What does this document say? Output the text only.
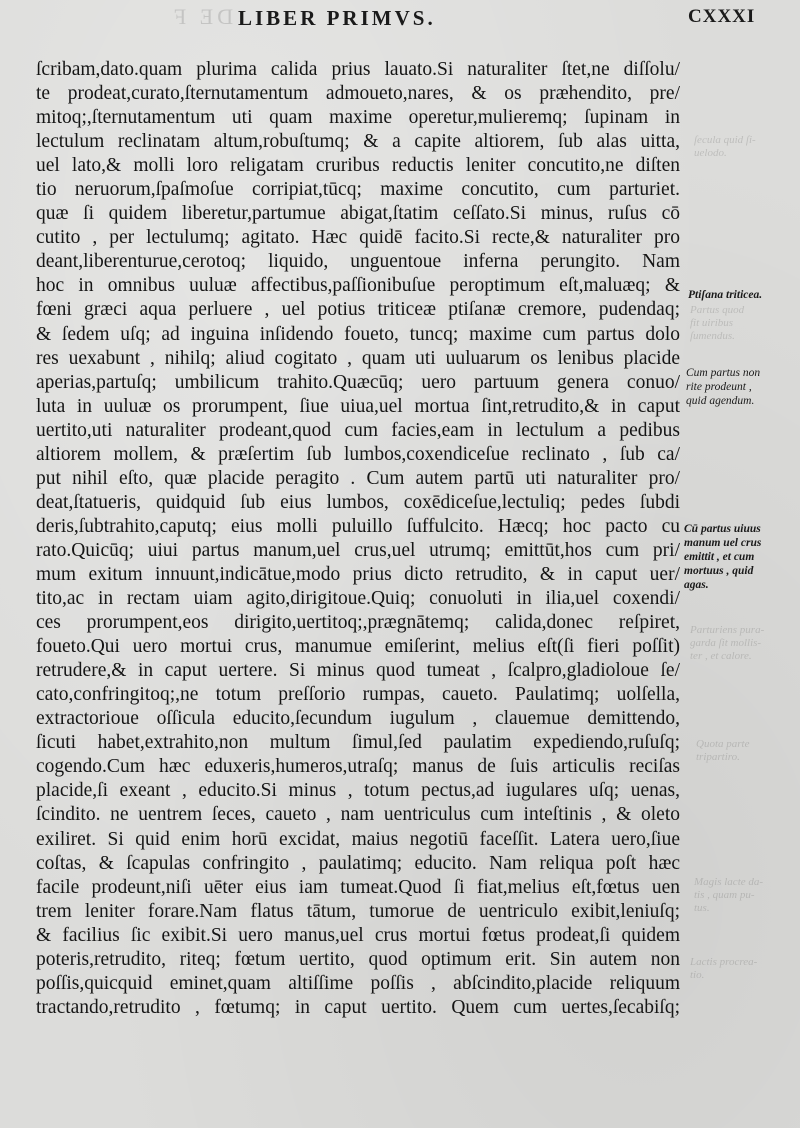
DE F LIBER PRIMVS.	CXXXI
ſcribam,dato.quam plurima calida prius lauato.Si naturaliter ſtet,ne diſſolu/
te prodeat,curato,ſternutamentum admoueto,nares, & os præhendito, pre/
mitoq;,ſternutamentum uti quam maxime operetur,mulieremq; ſupinam in
lectulum reclinatam altum,robuſtumq; & a capite altiorem, ſub alas uitta,
uel lato,& molli loro religatam cruribus reductis leniter concutito,ne diſten
tio neruorum,ſpaſmoſue corripiat,tūcq; maxime concutito, cum parturiet.
quæ ſi quidem liberetur,partumue abigat,ſtatim ceſſato.Si minus, ruſus cō
cutito , per lectulumq; agitato. Hæc quidē facito.Si recte,& naturaliter pro
deant,liberenturue,cerotoq; liquido, unguentoue inferna perungito. Nam
hoc in omnibus uuluæ affectibus,paſſionibuſue peroptimum eſt,maluæq; &
fœni græci aqua perluere , uel potius triticeæ ptiſanæ cremore, pudendaq;
& ſedem uſq; ad inguina inſidendo foueto, tuncq; maxime cum partus dolo
res uexabunt , nihilq; aliud cogitato , quam uti uuluarum os lenibus placide
aperias,partuſq; umbilicum trahito.Quæcūq; uero partuum genera conuo/
luta in uuluæ os prorumpent, ſiue uiua,uel mortua ſint,retrudito,& in caput
uertito,uti naturaliter prodeant,quod cum facies,eam in lectulum a pedibus
altiorem mollem, & præſertim ſub lumbos,coxendiceſue reclinato , ſub ca/
put nihil eſto, quæ placide peragito . Cum autem partū uti naturaliter pro/
deat,ſtatueris, quidquid ſub eius lumbos, coxēdiceſue,lectuliq; pedes ſubdi
deris,ſubtrahito,caputq; eius molli puluillo ſuffulcito. Hæcq; hoc pacto cu
rato.Quicūq; uiui partus manum,uel crus,uel utrumq; emittūt,hos cum pri/
mum exitum innuunt,indicātue,modo prius dicto retrudito, & in caput uer/
tito,ac in rectam uiam agito,dirigitoue.Quiq; conuoluti in ilia,uel coxendi/
ces prorumpent,eos dirigito,uertitoq;,prægnātemq; calida,donec reſpiret,
foueto.Qui uero mortui crus, manumue emiſerint, melius eſt(ſi fieri poſſit)
retrudere,& in caput uertere. Si minus quod tumeat , ſcalpro,gladioloue ſe/
cato,confringitoq;,ne totum preſſorio rumpas, caueto. Paulatimq; uolſella,
extractorioue oſſicula educito,ſecundum iugulum , clauemue demittendo,
ſicuti habet,extrahito,non multum ſimul,ſed paulatim expediendo,ruſuſq;
cogendo.Cum hæc eduxeris,humeros,utraſq; manus de ſuis articulis reciſas
placide,ſi exeant , educito.Si minus , totum pectus,ad iugulares uſq; uenas,
ſcindito. ne uentrem ſeces, caueto , nam uentriculus cum inteſtinis , & oleto
exiliret. Si quid enim horū excidat, maius negotiū faceſſit. Latera uero,ſiue
coſtas, & ſcapulas confringito , paulatimq; educito. Nam reliqua poſt hæc
facile prodeunt,niſi uēter eius iam tumeat.Quod ſi fiat,melius eſt,fœtus uen
trem leniter forare.Nam flatus tātum, tumorue de uentriculo exibit,leniuſq;
& facilius ſic exibit.Si uero manus,uel crus mortui fœtus prodeat,ſi quidem
poteris,retrudito, riteq; fœtum uertito, quod optimum erit. Sin autem non
poſſis,quicquid eminet,quam altiſſime poſſis , abſcindito,placide reliquum
tractando,retrudito , fœtumq; in caput uertito. Quem cum uertes,ſecabiſq;
ſecula quid ſi-
uelodo.
Partus quod
fit uiribus
ſumendus.
Parturiens pura-
garda ſit mollis-
ter , et calore.
Quota parte
tripartiro.
Magis lacte da-
tis , quam pu-
tus.
Lactis procrea-
tio.
Ptiſana triticea.
Cum partus non
rite prodeunt ,
quid agendum.
Cū partus uiuus
manum uel crus
emittit , et cum
mortuus , quid
agas.
